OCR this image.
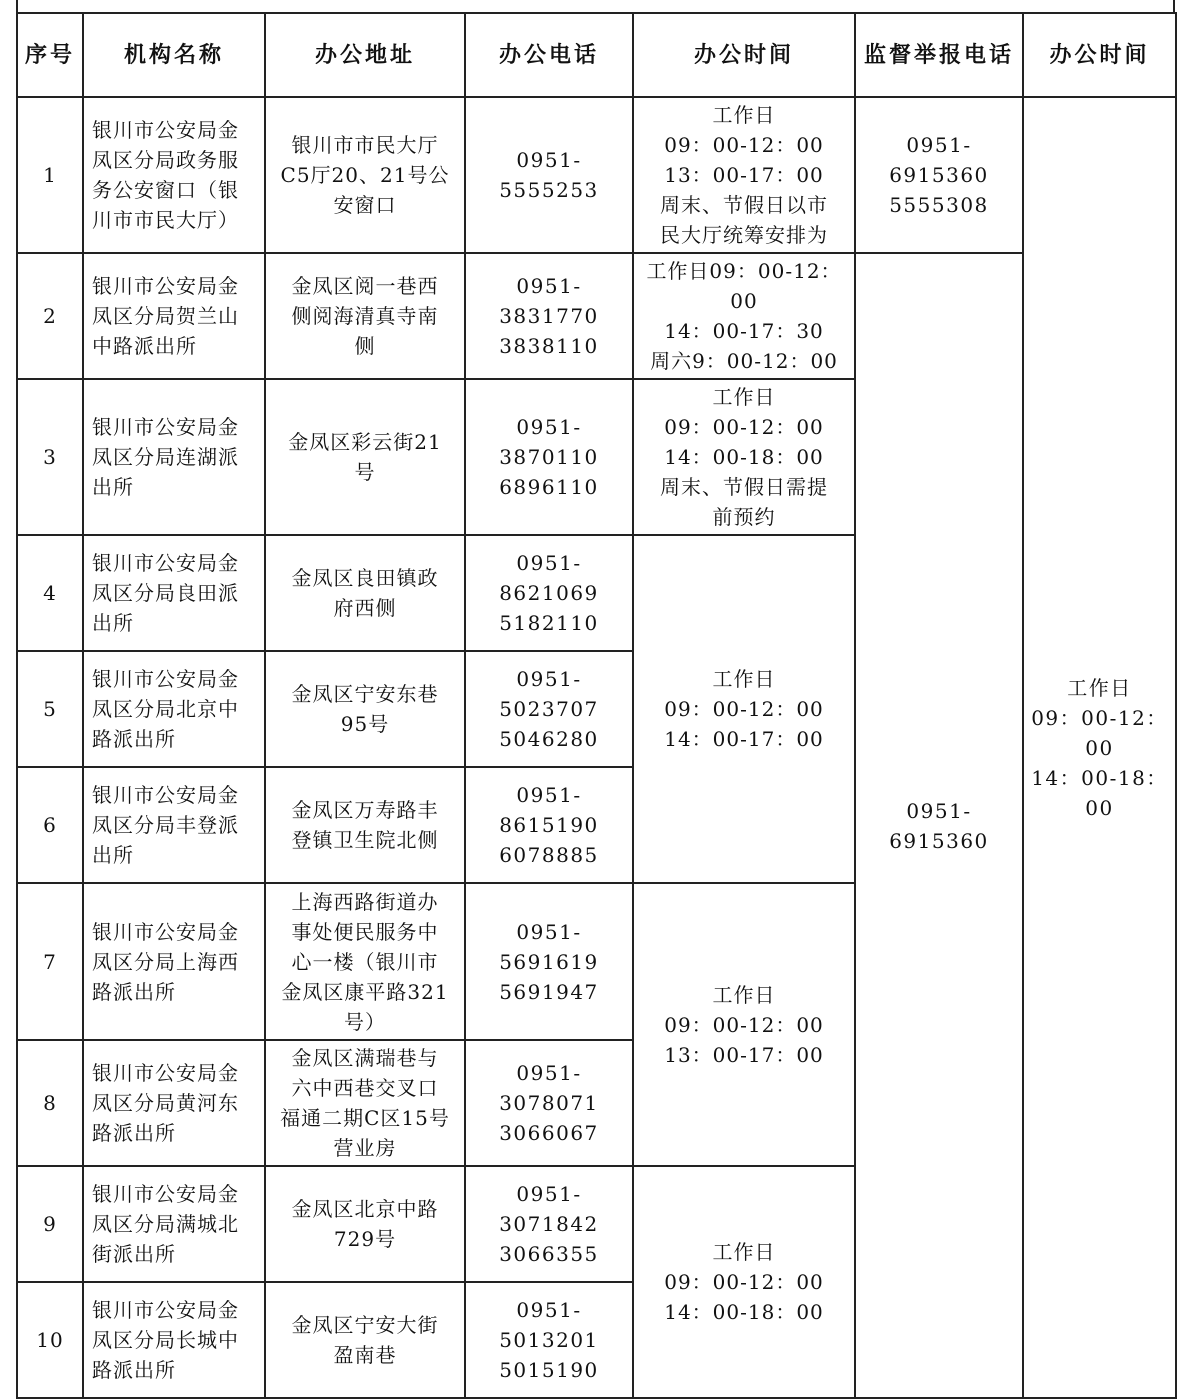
序号	机构名称	办公地址	办公电话	办公时间	监督举报电话	办公时间
1	银川市公安局金
凤区分局政务服
务公安窗口（银
川市市民大厅）	银川市市民大厅
C5厅20、21号公
安窗口	0951-5555253	工作日
09：00-12：00
13：00-17：00
周末、节假日以市
民大厅统筹安排为	0951-6915360
5555308	工作日
09：00-12：00
14：00-18：00
2	银川市公安局金
凤区分局贺兰山
中路派出所	金凤区阅一巷西
侧阅海清真寺南
侧	0951-3831770
3838110	工作日09：00-12：00
14：00-17：30
周六9：00-12：00	0951-6915360	
3	银川市公安局金
凤区分局连湖派
出所	金凤区彩云街21
号	0951-3870110
6896110	工作日
09：00-12：00
14：00-18：00
周末、节假日需提
前预约		
4	银川市公安局金
凤区分局良田派
出所	金凤区良田镇政
府西侧	0951-8621069
5182110	工作日
09：00-12：00
14：00-17：00		
5	银川市公安局金
凤区分局北京中
路派出所	金凤区宁安东巷
95号	0951-5023707
5046280			
6	银川市公安局金
凤区分局丰登派
出所	金凤区万寿路丰
登镇卫生院北侧	0951-8615190
6078885			
7	银川市公安局金
凤区分局上海西
路派出所	上海西路街道办
事处便民服务中
心一楼（银川市
金凤区康平路321
号）	0951-5691619
5691947	工作日
09：00-12：00
13：00-17：00		
8	银川市公安局金
凤区分局黄河东
路派出所	金凤区满瑞巷与
六中西巷交叉口
福通二期C区15号
营业房	0951-3078071
3066067			
9	银川市公安局金
凤区分局满城北
街派出所	金凤区北京中路
729号	0951-3071842
3066355	工作日
09：00-12：00
14：00-18：00		
10	银川市公安局金
凤区分局长城中
路派出所	金凤区宁安大街
盈南巷	0951-5013201
5015190			
